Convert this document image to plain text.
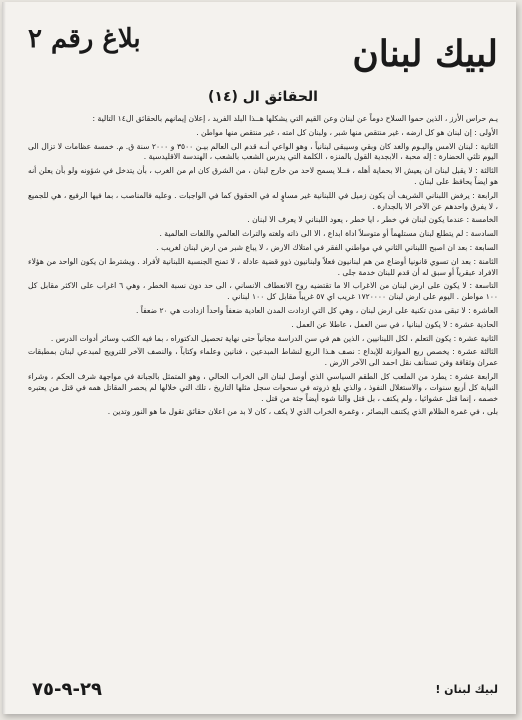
لبيك لبنان
بلاغ رقم ٢
الحقائق ال (١٤)

يـم حراس الأرز ، الذين حموا السلاح دوماً عن لبنان وعن القيم التي يشكلها هــذا البلد الفريد ، إعلان إيمانهم بالحقائق ال١٤ التالية :

الأولى : إن لبنان هو كل ارضه ، غير منتقص منها شبر ، ولبنان كل امته ، غير منتقص منها مواطن .

الثانية : لبنان الامس واليـوم والغد كان وبقي وسيبقى لبنانياً ، وهو الواعي أنـه قدم الى العالم بيـن ٣٥٠٠ و ٢٠٠٠ سنة ق. م. خمسة عظامات لا تزال الى اليوم تلثي الحضارة : إله محبة ، الابجدية القول بالمنزه ، الكلمة التي يدرس الشعب بالشعب ، الهندسة الاقليدسية .

الثالثة : لا يقبل لبنان ان يعيش الا بحماية أهله ، فــلا يسمح لاحد من خارج لبنان ، من الشرق كان ام من الغرب ، بأن يتدخل في شؤونه ولو بأن يعلن أنه هو ايضاً يحافظ على لبنان .

الرابعة : يرفض اللبناني الشريف أن يكون زميل في اللبنانية غير مساوٍ له في الحقوق كما في الواجبات . وعليه فالمناصب ، بما فيها الرفيع ، هي للجميع ، لا يفرق واحدهم عن الآخر الا بالجدارة .

الخامسة : عندما يكون لبنان في خطر ، ايا خطر ، يعود اللبناني لا يعرف الا لبنان .

السادسة : لم يتطلع لبنان مستلهماً أو متوسلاً اداة ابداع ، الا الى ذاته ولغته والتراث العالمي واللغات العالمية .

السابعة : بعد ان اصبح اللبناني الثاني في مواطني الفقر في امتلاك الارض ، لا يباع شبر من ارض لبنان لغريب .

الثامنة : بعد ان تسوي قانونيا أوضاع من هم لبنانيون فعلاً ولبنانيون ذوو قضية عادلة ، لا تمنح الجنسية اللبنانية لأفراد . ويشترط ان يكون الواحد من هؤلاء الافراد عبقرياً أو سبق له أن قدم للبنان خدمة جلى .

التاسعة : لا يكون على ارض لبنان من الاغراب الا ما تقتضيه روح الانعطاف الانساني ، الى حد دون نسبة الخطر ، وهي ٦ اغراب على الاكثر مقابل كل ١٠٠ مواطن . اليوم على ارض لبنان ١٧٢٠٠٠٠ غريب اي ٥٧ غريباً مقابل كل ١٠٠ لبناني .

العاشرة : لا تبقى مدن تكنية على ارض لبنان ، وهي كل التي ازدادت المدن العادية ضعفاً واحداً ازدادت هي ٢٠ ضعفاً .

الحادية عشرة : لا يكون لبنانيا ، في سن العمل ، عاطلا عن العمل .

الثانية عشرة : يكون التعلم ، لكل اللبنانيين ، الذين هم في سن الدراسة مجانياً حتى نهاية تحصيل الدكتوراه ، بما فيه الكتب وسائر أدوات الدرس .

الثالثة عشرة : يخصص ربع الموازنة للإبداع : نصف هـذا الربع لنشاط المبدعين ، فنانين وعلماء وكتاباً ، والنصف الآخر للترويج لمبدعي لبنان بمطبقات عمران وثقافة وفن تستأنف نقل احمد الى الآخر الارض .

الرابعة عشرة : يطرد من الملعب كل الطقم السياسي الذي أوصل لبنان الى الخراب الحالي ، وهو المتمثل بالجبانة في مواجهة شرف الحكم ، وشراء النيابة كل أربع سنوات ، والاستغلال النفوذ ، والذي بلغ ذروته في سحوات سجل مثلها التاريخ ، تلك التي خلالها لم يحصر المقاتل همه في قتل من يعتبره خصمه ، إنما قتل عشوائيا ، ولم يكتف ، بل قتل والنا شوه أيضاً جثة من قتل .

بلى ، في غمرة الظلام الذي يكتنف البصائر ، وغمرة الخراب الذي لا يكف ، كان لا بد من اعلان حقائق تقول ما هو النور وتدين .

٢٩-٩-٧٥	لبيك لبنان !
